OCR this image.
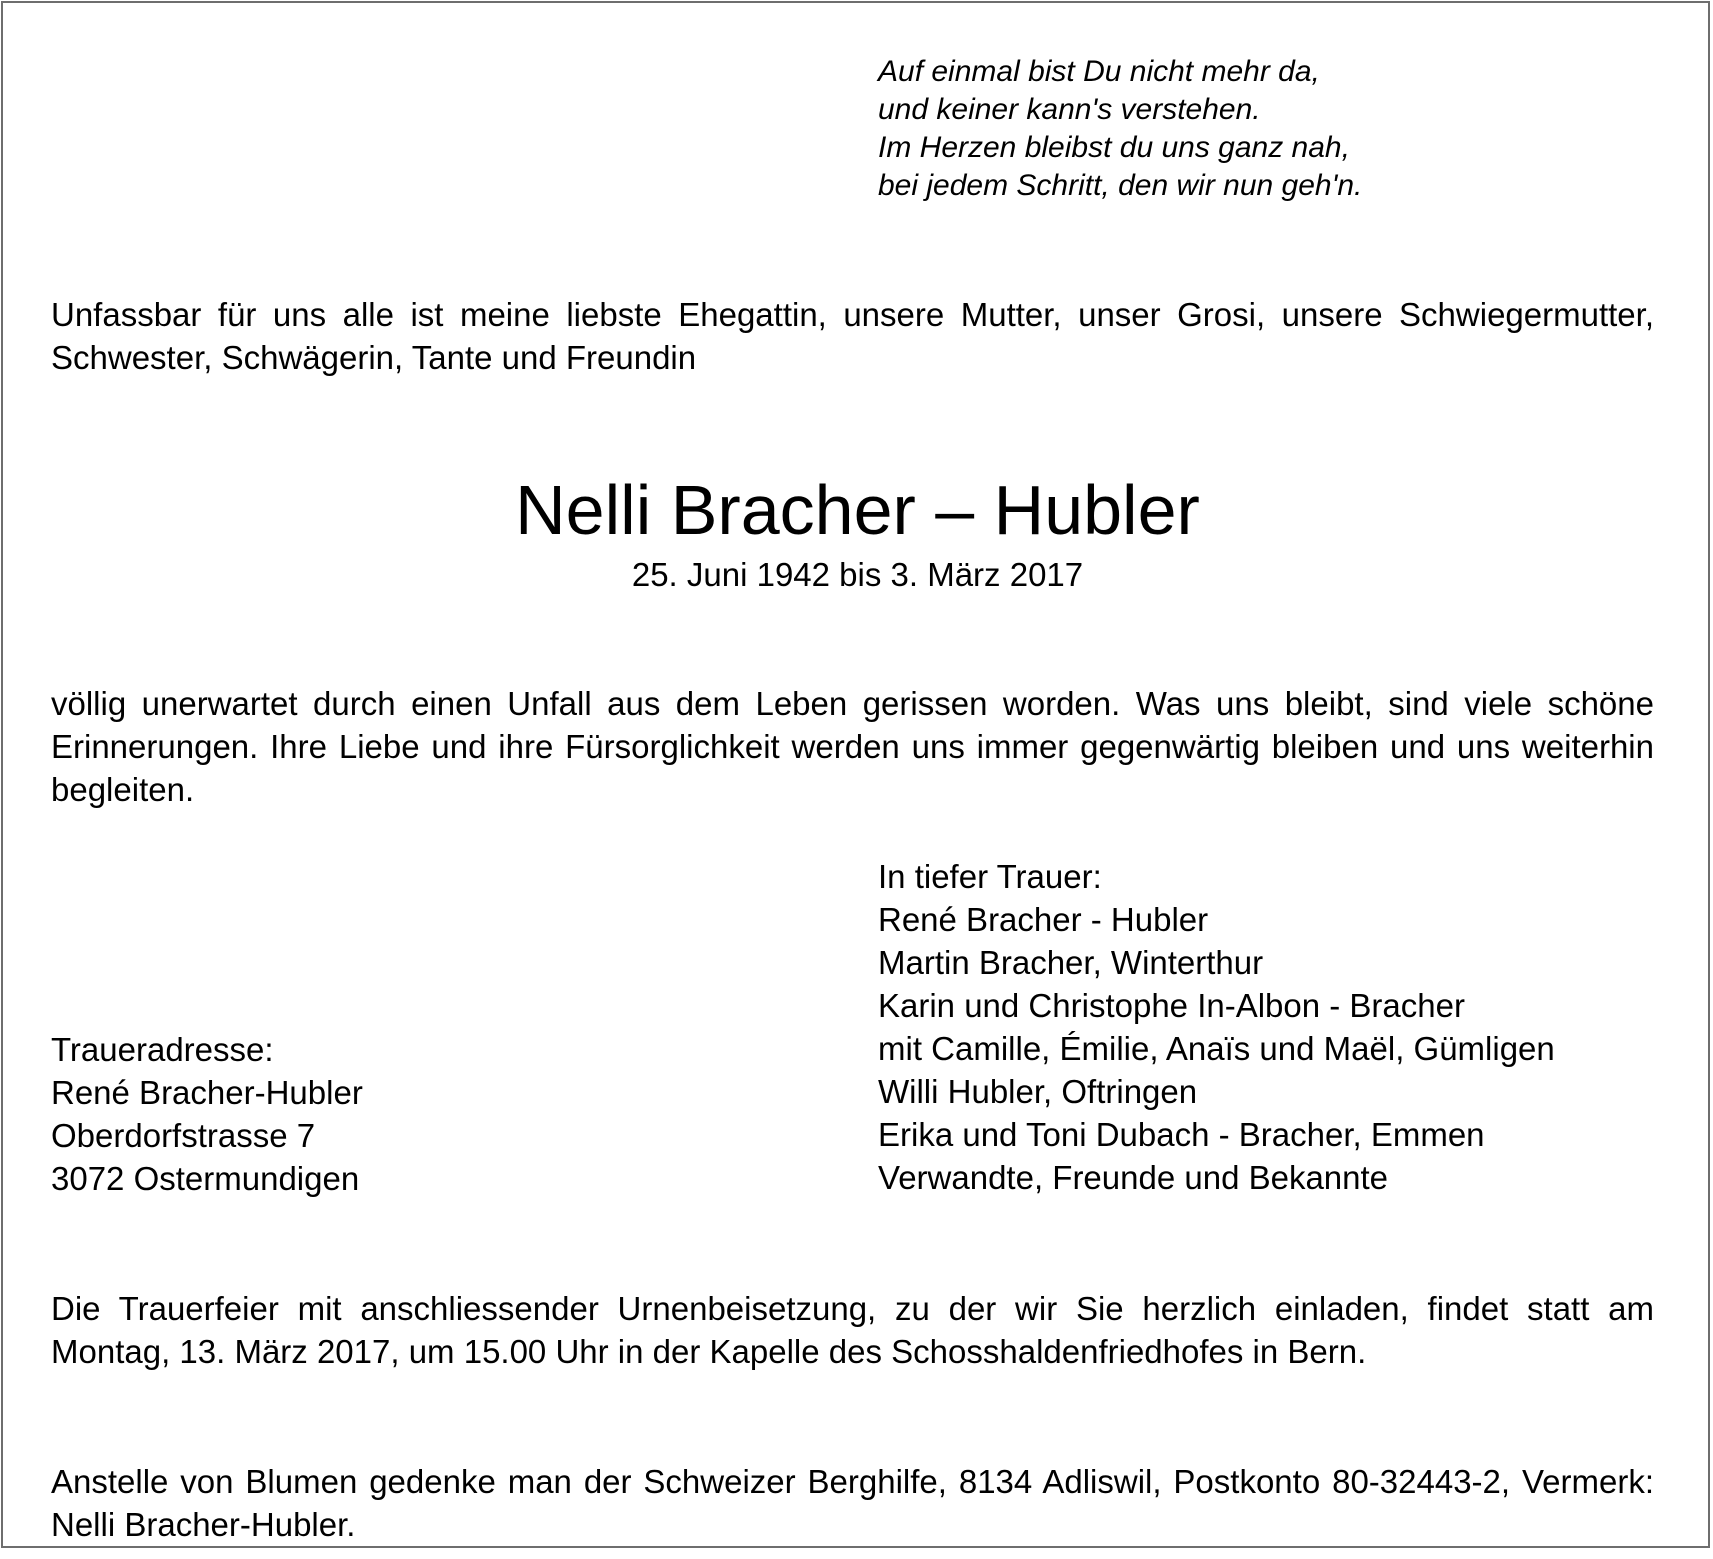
Auf einmal bist Du nicht mehr da,
und keiner kann's verstehen.
Im Herzen bleibst du uns ganz nah,
bei jedem Schritt, den wir nun geh'n.
Unfassbar für uns alle ist meine liebste Ehegattin, unsere Mutter, unser Grosi, unsere Schwiegermutter, Schwester, Schwägerin, Tante und Freundin
Nelli Bracher – Hubler
25. Juni 1942 bis 3. März 2017
völlig unerwartet durch einen Unfall aus dem Leben gerissen worden. Was uns bleibt, sind viele schöne Erinnerungen. Ihre Liebe und ihre Fürsorglichkeit werden uns immer gegenwärtig bleiben und uns weiterhin begleiten.
In tiefer Trauer:
René Bracher - Hubler
Martin Bracher, Winterthur
Karin und Christophe In-Albon - Bracher
mit Camille, Émilie, Anaïs und Maël, Gümligen
Willi Hubler, Oftringen
Erika und Toni Dubach - Bracher, Emmen
Verwandte, Freunde und Bekannte
Traueradresse:
René Bracher-Hubler
Oberdorfstrasse 7
3072 Ostermundigen
Die Trauerfeier mit anschliessender Urnenbeisetzung, zu der wir Sie herzlich einladen, findet statt am Montag, 13. März 2017, um 15.00 Uhr in der Kapelle des Schosshaldenfriedhofes in Bern.
Anstelle von Blumen gedenke man der Schweizer Berghilfe, 8134 Adliswil, Postkonto 80-32443-2, Vermerk: Nelli Bracher-Hubler.
